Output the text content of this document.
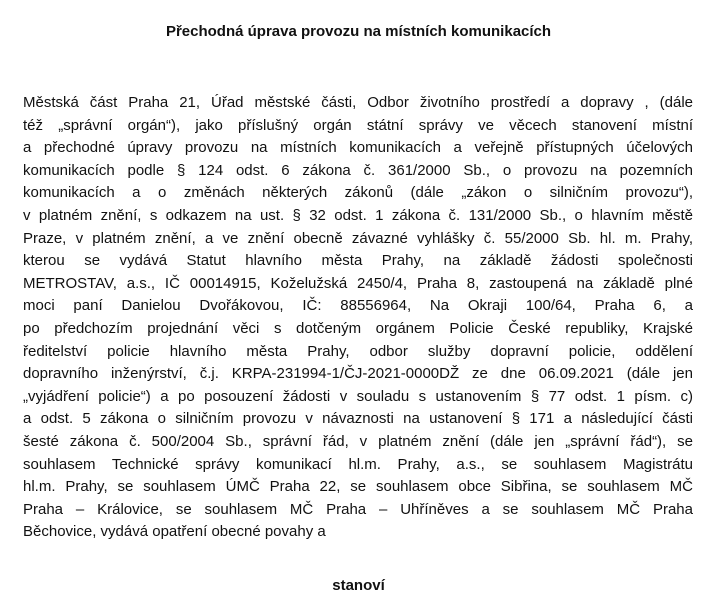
Přechodná úprava provozu na místních komunikacích
Městská část Praha 21, Úřad městské části, Odbor životního prostředí a dopravy , (dále
též „správní orgán“), jako příslušný orgán státní správy ve věcech stanovení místní
a přechodné úpravy provozu na místních komunikacích a veřejně přístupných účelových
komunikacích podle § 124 odst. 6 zákona č. 361/2000 Sb., o provozu na pozemních
komunikacích a o změnách některých zákonů (dále „zákon o silničním provozu“),
v platném znění, s odkazem na ust. § 32 odst. 1 zákona č. 131/2000 Sb., o hlavním městě
Praze, v platném znění, a ve znění obecně závazné vyhlášky č. 55/2000 Sb. hl. m. Prahy,
kterou se vydává Statut hlavního města Prahy, na základě žádosti společnosti
METROSTAV, a.s., IČ 00014915, Koželužská 2450/4, Praha 8, zastoupená na základě plné
moci paní Danielou Dvořákovou, IČ: 88556964, Na Okraji 100/64, Praha 6, a
po předchozím projednání věci s dotčeným orgánem Policie České republiky, Krajské
ředitelství policie hlavního města Prahy, odbor služby dopravní policie, oddělení
dopravního inženýrství, č.j. KRPA-231994-1/ČJ-2021-0000DŽ ze dne 06.09.2021 (dále jen
„vyjádření policie“) a po posouzení žádosti v souladu s ustanovením § 77 odst. 1 písm. c)
a odst. 5 zákona o silničním provozu v návaznosti na ustanovení § 171 a následující části
šesté zákona č. 500/2004 Sb., správní řád, v platném znění (dále jen „správní řád“), se
souhlasem Technické správy komunikací hl.m. Prahy, a.s., se souhlasem Magistrátu
hl.m. Prahy, se souhlasem ÚMČ Praha 22, se souhlasem obce Sibřina, se souhlasem MČ
Praha – Královice, se souhlasem MČ Praha – Uhříněves a se souhlasem MČ Praha
Běchovice, vydává opatření obecné povahy a
stanoví
